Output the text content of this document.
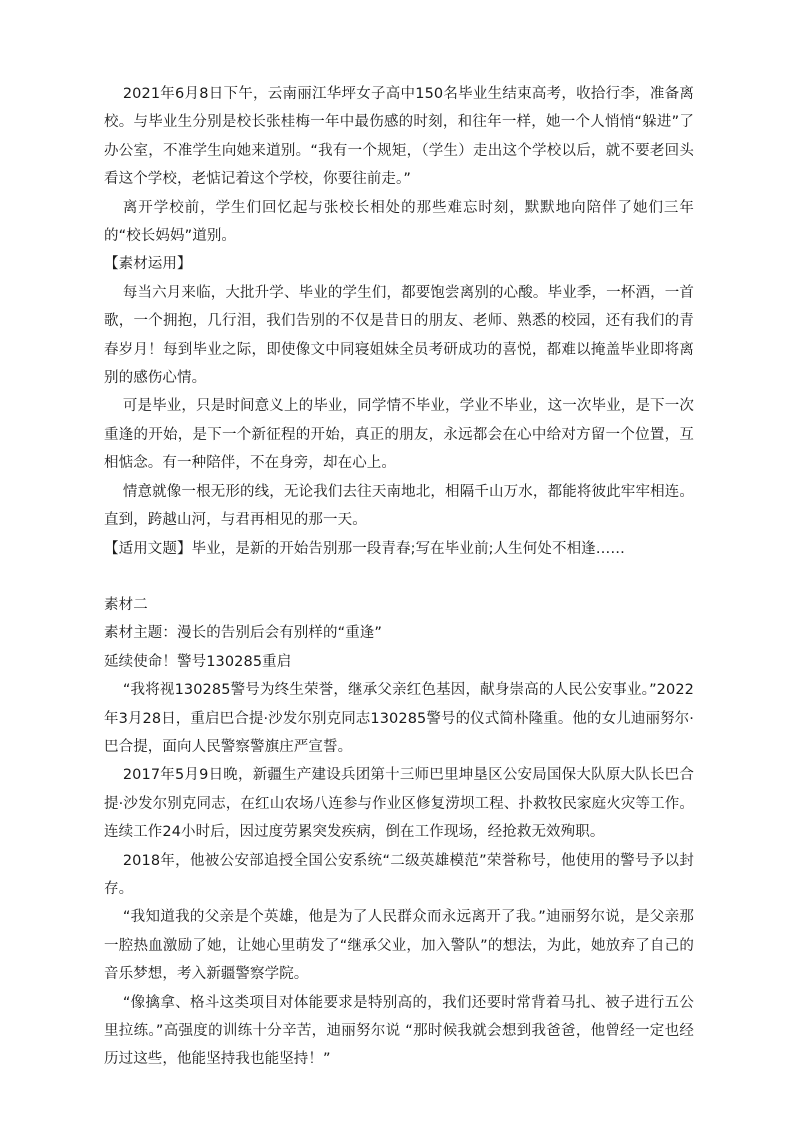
2021年6月8日下午，云南丽江华坪女子高中150名毕业生结束高考，收拾行李，准备离校。与毕业生分别是校长张桂梅一年中最伤感的时刻，和往年一样，她一个人悄悄“躲进”了办公室，不准学生向她来道别。“我有一个规矩，（学生）走出这个学校以后，就不要老回头看这个学校，老惦记着这个学校，你要往前走。”

离开学校前，学生们回忆起与张校长相处的那些难忘时刻，默默地向陪伴了她们三年的“校长妈妈”道别。

【素材运用】

每当六月来临，大批升学、毕业的学生们，都要饱尝离别的心酸。毕业季，一杯酒，一首歌，一个拥抱，几行泪，我们告别的不仅是昔日的朋友、老师、熟悉的校园，还有我们的青春岁月！每到毕业之际，即使像文中同寝姐妹全员考研成功的喜悦，都难以掩盖毕业即将离别的感伤心情。

可是毕业，只是时间意义上的毕业，同学情不毕业，学业不毕业，这一次毕业，是下一次重逢的开始，是下一个新征程的开始，真正的朋友，永远都会在心中给对方留一个位置，互相惦念。有一种陪伴，不在身旁，却在心上。

情意就像一根无形的线，无论我们去往天南地北，相隔千山万水，都能将彼此牢牢相连。直到，跨越山河，与君再相见的那一天。

【适用文题】毕业，是新的开始告别那一段青春;写在毕业前;人生何处不相逢……

素材二

素材主题：漫长的告别后会有别样的“重逢”

延续使命！警号130285重启

“我将视130285警号为终生荣誉，继承父亲红色基因，献身崇高的人民公安事业。”2022年3月28日，重启巴合提·沙发尔别克同志130285警号的仪式简朴隆重。他的女儿迪丽努尔·巴合提，面向人民警察警旗庄严宣誓。

2017年5月9日晚，新疆生产建设兵团第十三师巴里坤垦区公安局国保大队原大队长巴合提·沙发尔别克同志，在红山农场八连参与作业区修复涝坝工程、扑救牧民家庭火灾等工作。连续工作24小时后，因过度劳累突发疾病，倒在工作现场，经抢救无效殉职。

2018年，他被公安部追授全国公安系统“二级英雄模范”荣誉称号，他使用的警号予以封存。

“我知道我的父亲是个英雄，他是为了人民群众而永远离开了我。”迪丽努尔说，是父亲那一腔热血激励了她，让她心里萌发了“继承父业，加入警队”的想法，为此，她放弃了自己的音乐梦想，考入新疆警察学院。

“像擒拿、格斗这类项目对体能要求是特别高的，我们还要时常背着马扎、被子进行五公里拉练。”高强度的训练十分辛苦，迪丽努尔说 “那时候我就会想到我爸爸，他曾经一定也经历过这些，他能坚持我也能坚持！”
